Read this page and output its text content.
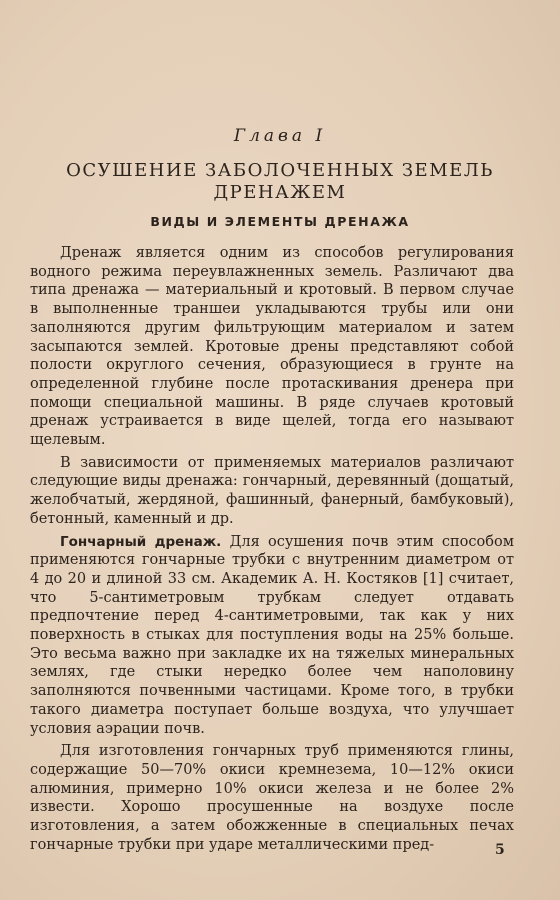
Глава I
ОСУШЕНИЕ ЗАБОЛОЧЕННЫХ ЗЕМЕЛЬ ДРЕНАЖЕМ
ВИДЫ И ЭЛЕМЕНТЫ ДРЕНАЖА

Дренаж является одним из способов регулирования водного режима переувлажненных земель. Различают два типа дренажа — материальный и кротовый. В первом случае в выполненные траншеи укладываются трубы или они заполняются другим фильтрующим материалом и затем засыпаются землей. Кротовые дрены представляют собой полости округлого сечения, образующиеся в грунте на определенной глубине после протаскивания дренера при помощи специальной машины. В ряде случаев кротовый дренаж устраивается в виде щелей, тогда его называют щелевым.

В зависимости от применяемых материалов различают следующие виды дренажа: гончарный, деревянный (дощатый, желобчатый, жердяной, фашинный, фанерный, бамбуковый), бетонный, каменный и др.

Гончарный дренаж. Для осушения почв этим способом применяются гончарные трубки с внутренним диаметром от 4 до 20 и длиной 33 см. Академик А. Н. Костяков [1] считает, что 5-сантиметровым трубкам следует отдавать предпочтение перед 4-сантиметровыми, так как у них поверхность в стыках для поступления воды на 25% больше. Это весьма важно при закладке их на тяжелых минеральных землях, где стыки нередко более чем наполовину заполняются почвенными частицами. Кроме того, в трубки такого диаметра поступает больше воздуха, что улучшает условия аэрации почв.

Для изготовления гончарных труб применяются глины, содержащие 50—70% окиси кремнезема, 10—12% окиси алюминия, примерно 10% окиси железа и не более 2% извести. Хорошо просушенные на воздухе после изготовления, а затем обожженные в специальных печах гончарные трубки при ударе металлическими пред-	5
